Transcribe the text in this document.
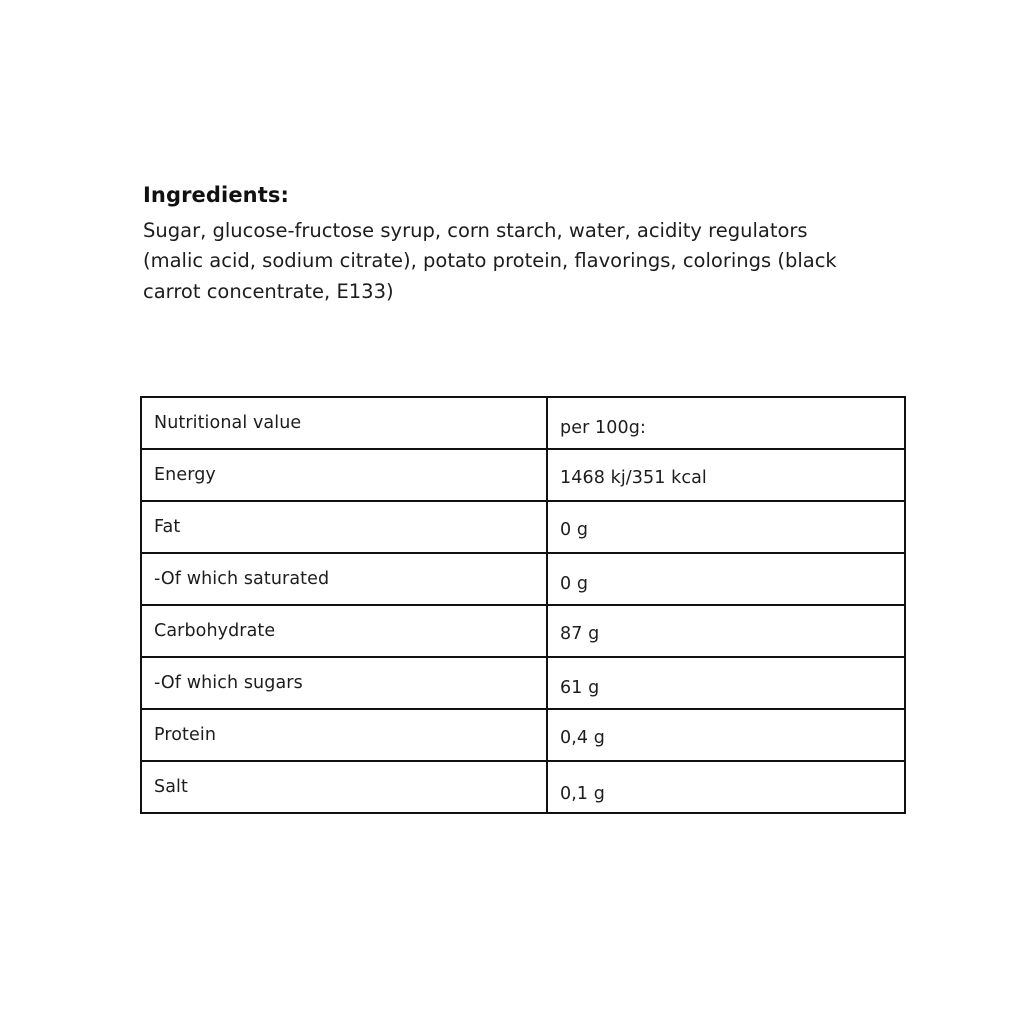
Ingredients:
Sugar, glucose-fructose syrup, corn starch, water, acidity regulators (malic acid, sodium citrate), potato protein, flavorings, colorings (black carrot concentrate, E133)
Nutritional value	per 100g:
Energy	1468 kj/351 kcal
Fat	0 g
-Of which saturated	0 g
Carbohydrate	87 g
-Of which sugars	61 g
Protein	0,4 g
Salt	0,1 g
